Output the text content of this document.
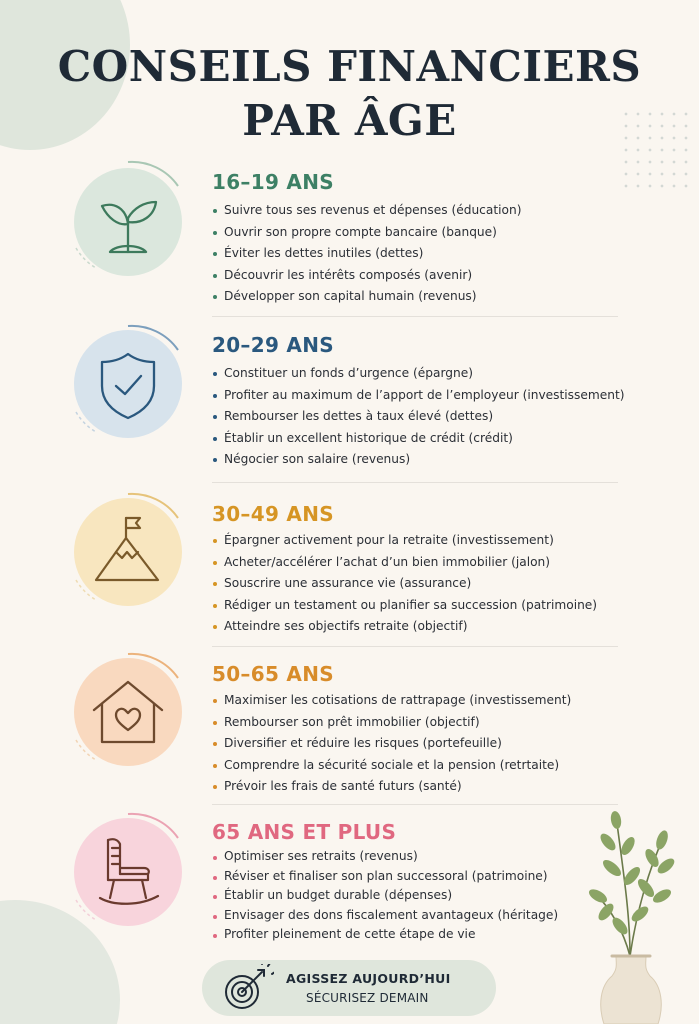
CONSEILS FINANCIERS
PAR ÂGE
16–19 ANS
Suivre tous ses revenus et dépenses (éducation)
Ouvrir son propre compte bancaire (banque)
Éviter les dettes inutiles (dettes)
Découvrir les intérêts composés (avenir)
Développer son capital humain (revenus)
20–29 ANS
Constituer un fonds d’urgence (épargne)
Profiter au maximum de l’apport de l’employeur (investissement)
Rembourser les dettes à taux élevé (dettes)
Établir un excellent historique de crédit (crédit)
Négocier son salaire (revenus)
30–49 ANS
Épargner activement pour la retraite (investissement)
Acheter/accélérer l’achat d’un bien immobilier (jalon)
Souscrire une assurance vie (assurance)
Rédiger un testament ou planifier sa succession (patrimoine)
Atteindre ses objectifs retraite (objectif)
50–65 ANS
Maximiser les cotisations de rattrapage (investissement)
Rembourser son prêt immobilier (objectif)
Diversifier et réduire les risques (portefeuille)
Comprendre la sécurité sociale et la pension (retrtaite)
Prévoir les frais de santé futurs (santé)
65 ANS ET PLUS
Optimiser ses retraits (revenus)
Réviser et finaliser son plan successoral (patrimoine)
Établir un budget durable (dépenses)
Envisager des dons fiscalement avantageux (héritage)
Profiter pleinement de cette étape de vie
AGISSEZ AUJOURD’HUI
SÉCURISEZ DEMAIN
